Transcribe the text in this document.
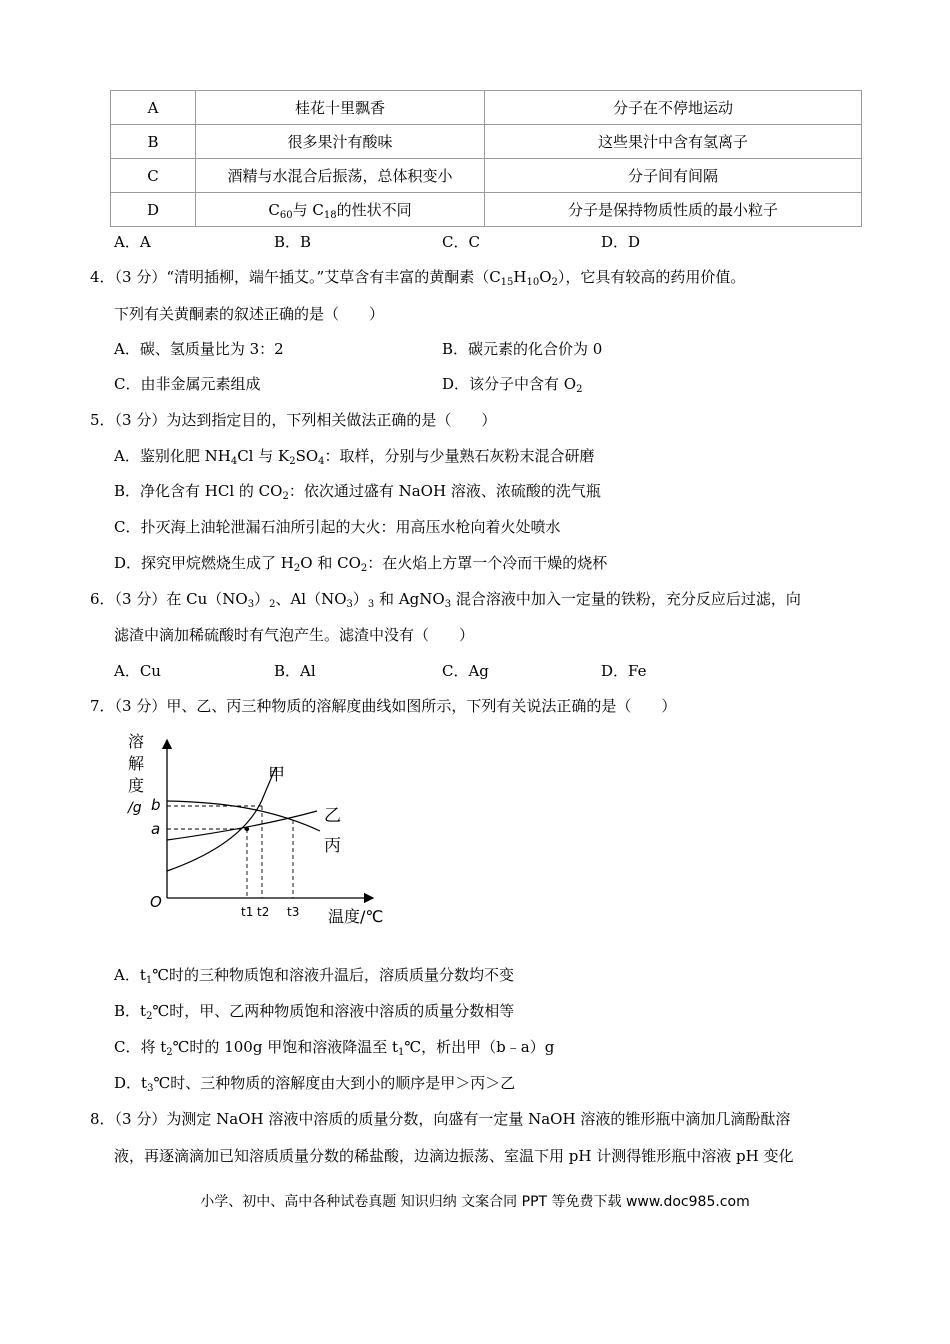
A	桂花十里飘香	分子在不停地运动
B	很多果汁有酸味	这些果汁中含有氢离子
C	酒精与水混合后振荡，总体积变小	分子间有间隔
D	$C_{60}$与 $C_{18}$的性状不同	分子是保持物质性质的最小粒子
A．A	B．B	C．C	D．D
4．（3 分）“清明插柳，端午插艾。”艾草含有丰富的黄酮素$(C_{15}H_{10}O_2)$，它具有较高的药用价值。
下列有关黄酮素的叙述正确的是（　　）
A．碳、氢质量比为 3：2	B．碳元素的化合价为 0
C．由非金属元素组成	D．该分子中含有 $O_2$
5．（3 分）为达到指定目的，下列相关做法正确的是（　　）
A．鉴别化肥 $NH_4Cl$ 与 $K_2SO_4$：取样，分别与少量熟石灰粉末混合研磨
B．净化含有 HCl 的 $CO_2$：依次通过盛有 NaOH 溶液、浓硫酸的洗气瓶
C．扑灭海上油轮泄漏石油所引起的大火：用高压水枪向着火处喷水
D．探究甲烷燃烧生成了 $H_2O$ 和 $CO_2$：在火焰上方罩一个冷而干燥的烧杯
6．（3 分）在 $Cu(NO_3)_2$、$Al(NO_3)_3$ 和 AgNO$_3$ 混合溶液中加入一定量的铁粉，充分反应后过滤，向
滤渣中滴加稀硫酸时有气泡产生。滤渣中没有（　　）
A．Cu	B．Al	C．Ag	D．Fe
7．（3 分）甲、乙、丙三种物质的溶解度曲线如图所示，下列有关说法正确的是（　　）
溶
解
度
/g
O
b
a
甲
乙
丙
t1 t2 t3 温度/℃
A．$t_1℃$时的三种物质饱和溶液升温后，溶质质量分数均不变
B．$t_2℃$时，甲、乙两种物质饱和溶液中溶质的质量分数相等
C．将 $t_2℃$时的 100g 甲饱和溶液降温至 $t_1℃$，析出甲（b﹣a）g
D．$t_3℃$时、三种物质的溶解度由大到小的顺序是甲＞丙＞乙
8．（3 分）为测定 NaOH 溶液中溶质的质量分数，向盛有一定量 NaOH 溶液的锥形瓶中滴加几滴酚酞溶
液，再逐滴滴加已知溶质质量分数的稀盐酸，边滴边振荡、室温下用 pH 计测得锥形瓶中溶液 pH 变化
小学、初中、高中各种试卷真题 知识归纳 文案合同 PPT 等免费下载 www.doc985.com
